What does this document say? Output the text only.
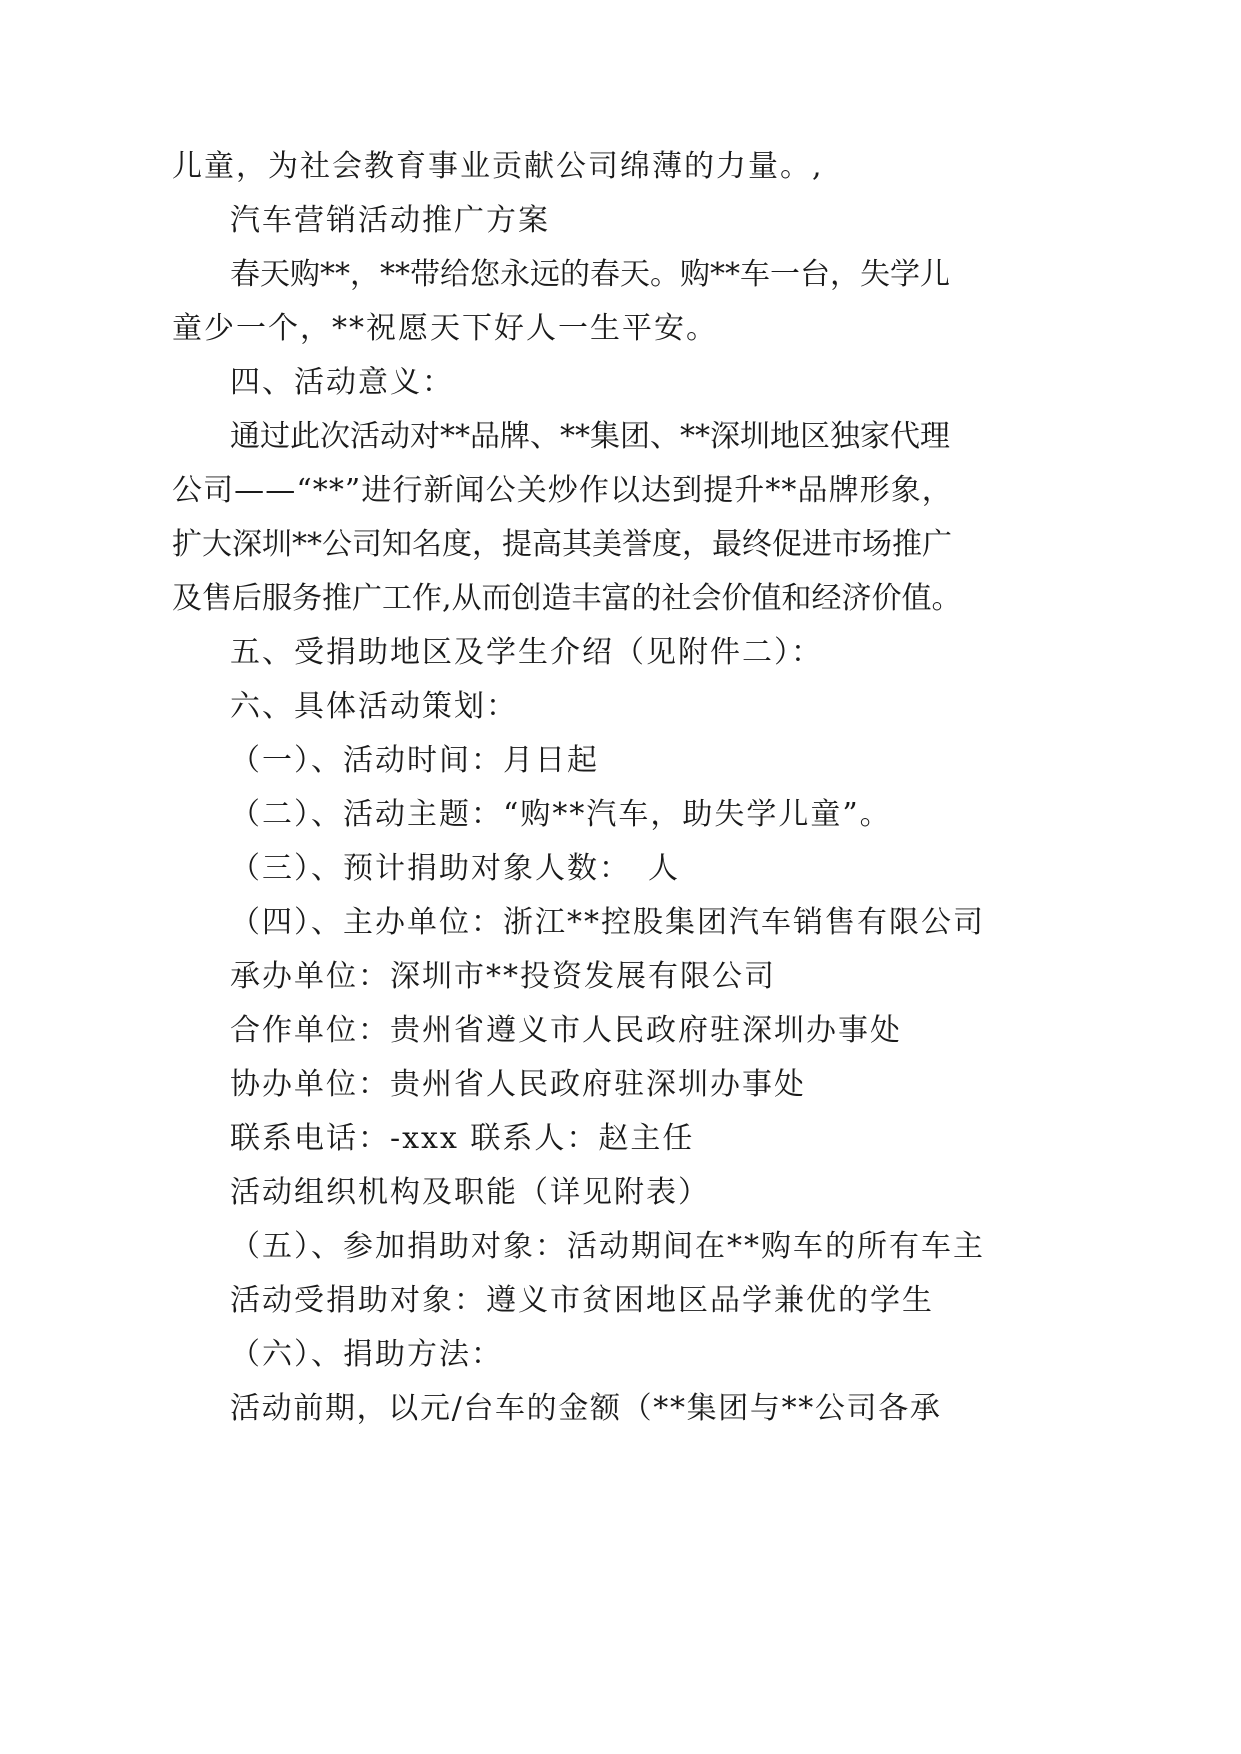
儿童，为社会教育事业贡献公司绵薄的力量。,
汽车营销活动推广方案
春 天 购 * * ， * * 带 给 您 永 远 的 春 天 。 购 * * 车 一 台 ， 失 学 儿
童少一个，**祝愿天下好人一生平安。
四、活动意义：
通 过 此 次 活 动 对 * * 品 牌 、 * * 集 团 、 * * 深 圳 地 区 独 家 代 理
公 司 — — “ * * ” 进 行 新 闻 公 关 炒 作 以 达 到 提 升 * * 品 牌 形 象 ，
扩 大 深 圳 * * 公 司 知 名 度 ， 提 高 其 美 誉 度 ， 最 终 促 进 市 场 推 广
及 售 后 服 务 推 广 工 作 , 从 而 创 造 丰 富 的 社 会 价 值 和 经 济 价 值 。
五、受捐助地区及学生介绍（见附件二）：
六、具体活动策划：
（一）、活动时间：月日起
（二）、活动主题：“购**汽车，助失学儿童”。
（三）、预计捐助对象人数：　人
（四）、主办单位：浙江**控股集团汽车销售有限公司
承办单位：深圳市**投资发展有限公司
合作单位：贵州省遵义市人民政府驻深圳办事处
协办单位：贵州省人民政府驻深圳办事处
联系电话：-xxx 联系人：赵主任
活动组织机构及职能（详见附表）
（五）、参加捐助对象：活动期间在**购车的所有车主
活动受捐助对象：遵义市贫困地区品学兼优的学生
（六）、捐助方法：
活 动 前 期 ， 以 元 / 台 车 的 金 额 （ * * 集 团 与 * * 公 司 各 承
